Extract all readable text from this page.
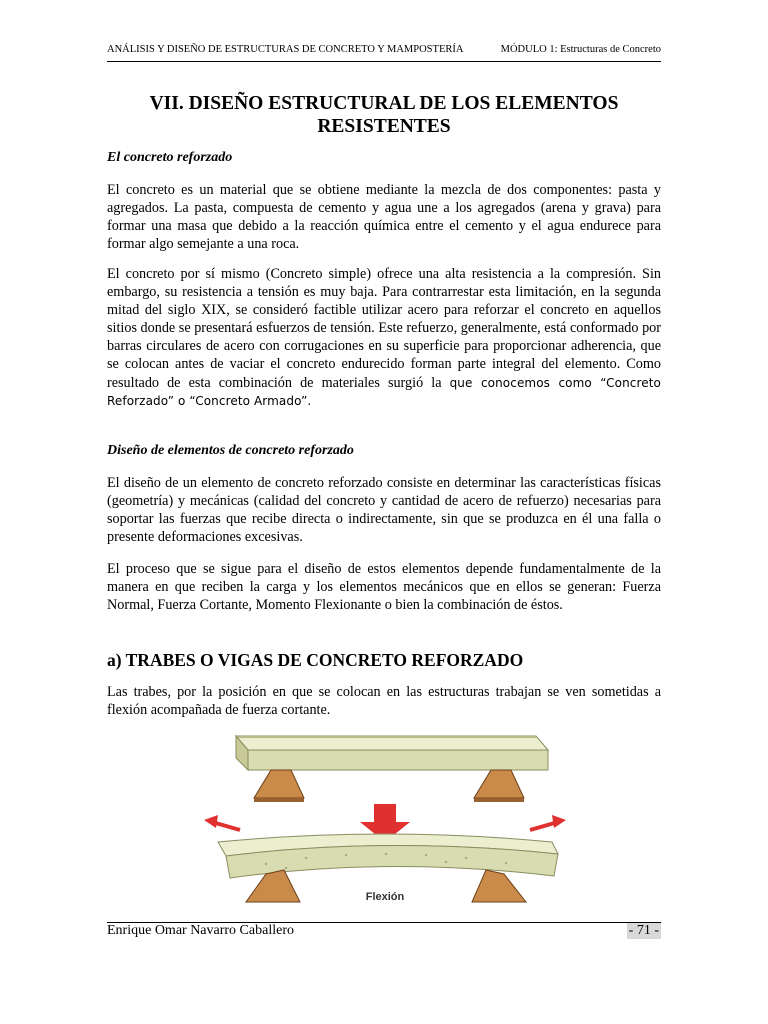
ANÁLISIS Y DISEÑO DE ESTRUCTURAS DE CONCRETO Y MAMPOSTERÍA	MÓDULO 1: Estructuras de Concreto
VII. DISEÑO ESTRUCTURAL DE LOS ELEMENTOS
RESISTENTES
El concreto reforzado

El concreto es un material que se obtiene mediante la mezcla de dos componentes: pasta y agregados. La pasta, compuesta de cemento y agua une a los agregados (arena y grava) para formar una masa que debido a la reacción química entre el cemento y el agua endurece para formar algo semejante a una roca.

El concreto por sí mismo (Concreto simple) ofrece una alta resistencia a la compresión. Sin embargo, su resistencia a tensión es muy baja. Para contrarrestar esta limitación, en la segunda mitad del siglo XIX, se consideró factible utilizar acero para reforzar el concreto en aquellos sitios donde se presentará esfuerzos de tensión. Este refuerzo, generalmente, está conformado por barras circulares de acero con corrugaciones en su superficie para proporcionar adherencia, que se colocan antes de vaciar el concreto endurecido forman parte integral del elemento. Como resultado de esta combinación de materiales surgió la que conocemos como “Concreto Reforzado” o “Concreto Armado”.

Diseño de elementos de concreto reforzado

El diseño de un elemento de concreto reforzado consiste en determinar las características físicas (geometría) y mecánicas (calidad del concreto y cantidad de acero de refuerzo) necesarias para soportar las fuerzas que recibe directa o indirectamente, sin que se produzca en él una falla o presente deformaciones excesivas.

El proceso que se sigue para el diseño de estos elementos depende fundamentalmente de la manera en que reciben la carga y los elementos mecánicos que en ellos se generan: Fuerza Normal, Fuerza Cortante, Momento Flexionante o bien la combinación de éstos.

a) TRABES O VIGAS DE CONCRETO REFORZADO

Las trabes, por la posición en que se colocan en las estructuras trabajan se ven sometidas a flexión acompañada de fuerza cortante.

Flexión
Enrique Omar Navarro Caballero	- 71 -
